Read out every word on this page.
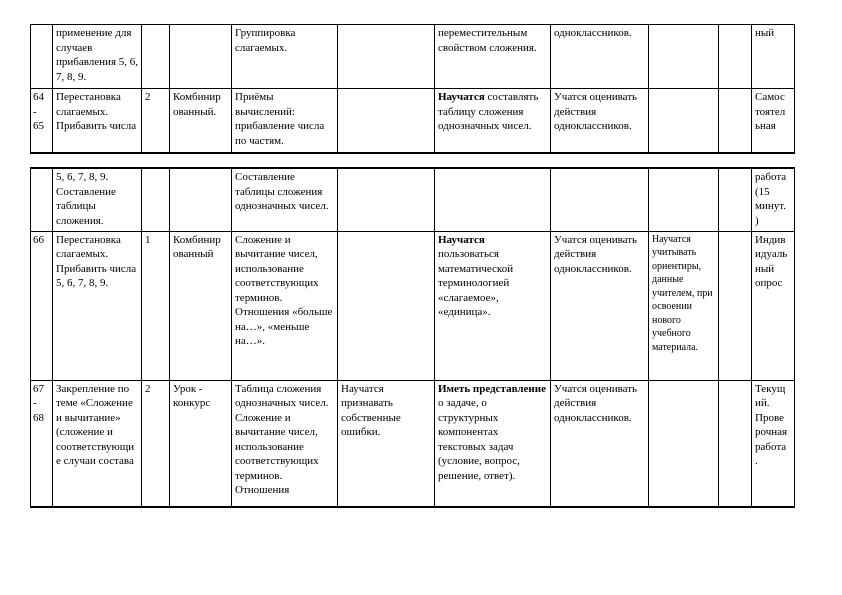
	применение для случаев прибавления 5, 6, 7, 8, 9.			Группировка слагаемых.		переместительным свойством сложения.	одноклассников.			ный
64
-
65	Перестановка слагаемых. Прибавить числа	2	Комбинир ованный.	Приёмы вычислений: прибавление числа по частям.		Научатся составлять таблицу сложения однозначных чисел.	Учатся оценивать действия одноклассников.			Самос тоятел ьная
	5, 6, 7, 8, 9. Составление таблицы сложения.			Составление таблицы сложения однозначных чисел.						работа (15 минут. )
66	Перестановка слагаемых. Прибавить числа 5, 6, 7, 8, 9.	1	Комбинир ованный	Сложение и вычитание чисел, использование соответствующих терминов. Отношения «больше на…», «меньше на…».		Научатся пользоваться математической терминологией «слагаемое», «единица».	Учатся оценивать действия одноклассников.	Научатся учитывать ориентиры, данные учителем, при освоении нового учебного материала.		Индив идуаль ный опрос
67
-
68	Закрепление по теме «Сложение и вычитание» (сложение и соответствующи е случаи состава	2	Урок - конкурс	Таблица сложения однозначных чисел. Сложение и вычитание чисел, использование соответствующих терминов. Отношения	Научатся признавать собственные ошибки.	Иметь представление о задаче, о структурных компонентах текстовых задач (условие, вопрос, решение, ответ).	Учатся оценивать действия одноклассников.			Текущ ий. Прове рочная работа .
